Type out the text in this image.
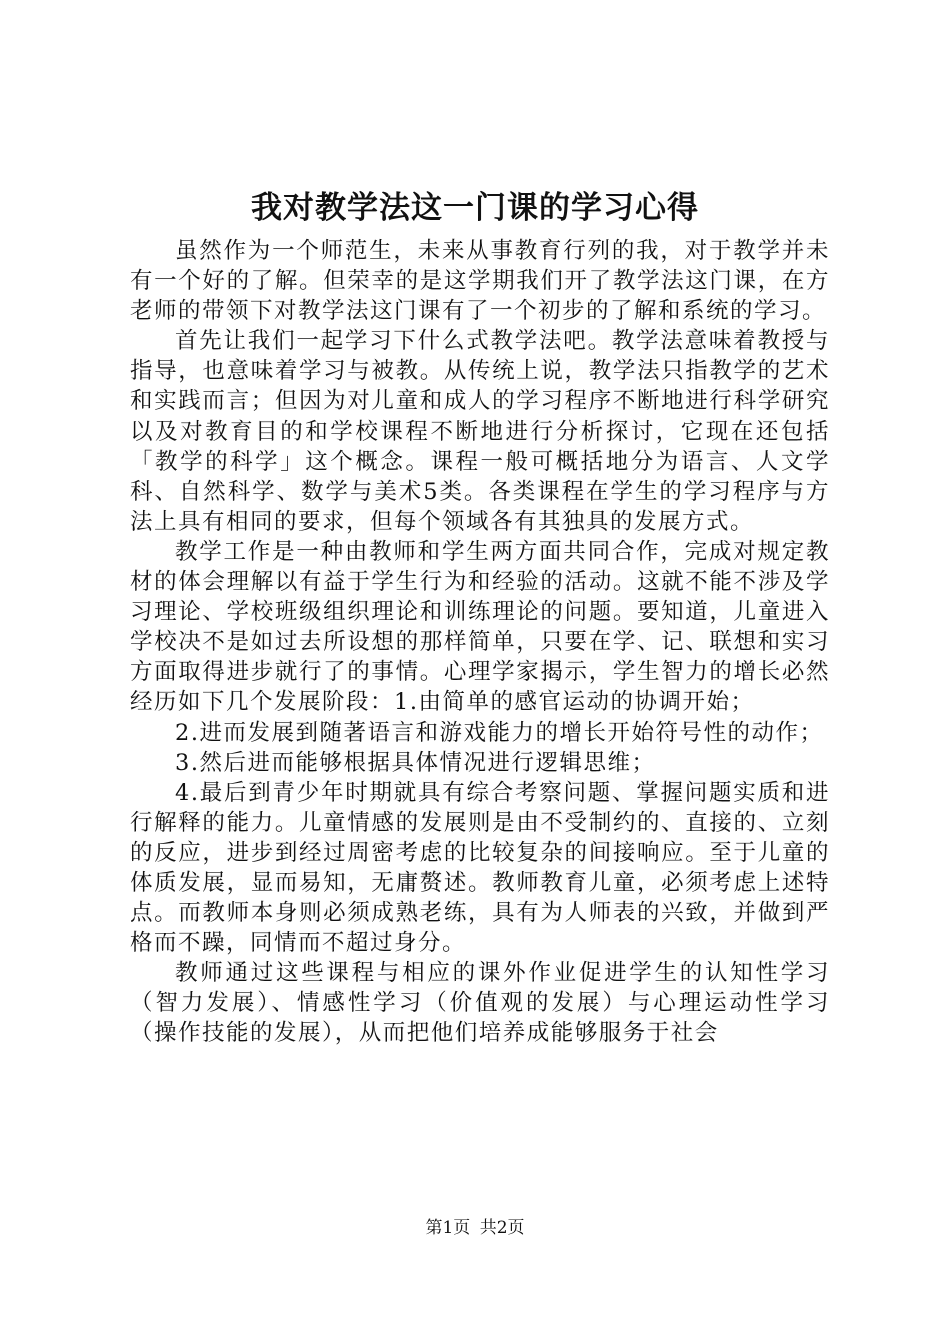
我对教学法这一门课的学习心得

虽然作为一个师范生，未来从事教育行列的我，对于教学并未有一个好的了解。但荣幸的是这学期我们开了教学法这门课，在方老师的带领下对教学法这门课有了一个初步的了解和系统的学习。

首先让我们一起学习下什么式教学法吧。教学法意味着教授与指导，也意味着学习与被教。从传统上说，教学法只指教学的艺术和实践而言；但因为对儿童和成人的学习程序不断地进行科学研究以及对教育目的和学校课程不断地进行分析探讨，它现在还包括「教学的科学」这个概念。课程一般可概括地分为语言、人文学科、自然科学、数学与美术5类。各类课程在学生的学习程序与方法上具有相同的要求，但每个领域各有其独具的发展方式。

教学工作是一种由教师和学生两方面共同合作，完成对规定教材的体会理解以有益于学生行为和经验的活动。这就不能不涉及学习理论、学校班级组织理论和训练理论的问题。要知道，儿童进入学校决不是如过去所设想的那样简单，只要在学、记、联想和实习方面取得进步就行了的事情。心理学家揭示，学生智力的增长必然经历如下几个发展阶段：1.由简单的感官运动的协调开始；

2.进而发展到随著语言和游戏能力的增长开始符号性的动作；

3.然后进而能够根据具体情况进行逻辑思维；

4.最后到青少年时期就具有综合考察问题、掌握问题实质和进行解释的能力。儿童情感的发展则是由不受制约的、直接的、立刻的反应，进步到经过周密考虑的比较复杂的间接响应。至于儿童的体质发展，显而易知，无庸赘述。教师教育儿童，必须考虑上述特点。而教师本身则必须成熟老练，具有为人师表的兴致，并做到严格而不躁，同情而不超过身分。

教师通过这些课程与相应的课外作业促进学生的认知性学习（智力发展）、情感性学习（价值观的发展）与心理运动性学习（操作技能的发展），从而把他们培养成能够服务于社会

第1页 共2页
